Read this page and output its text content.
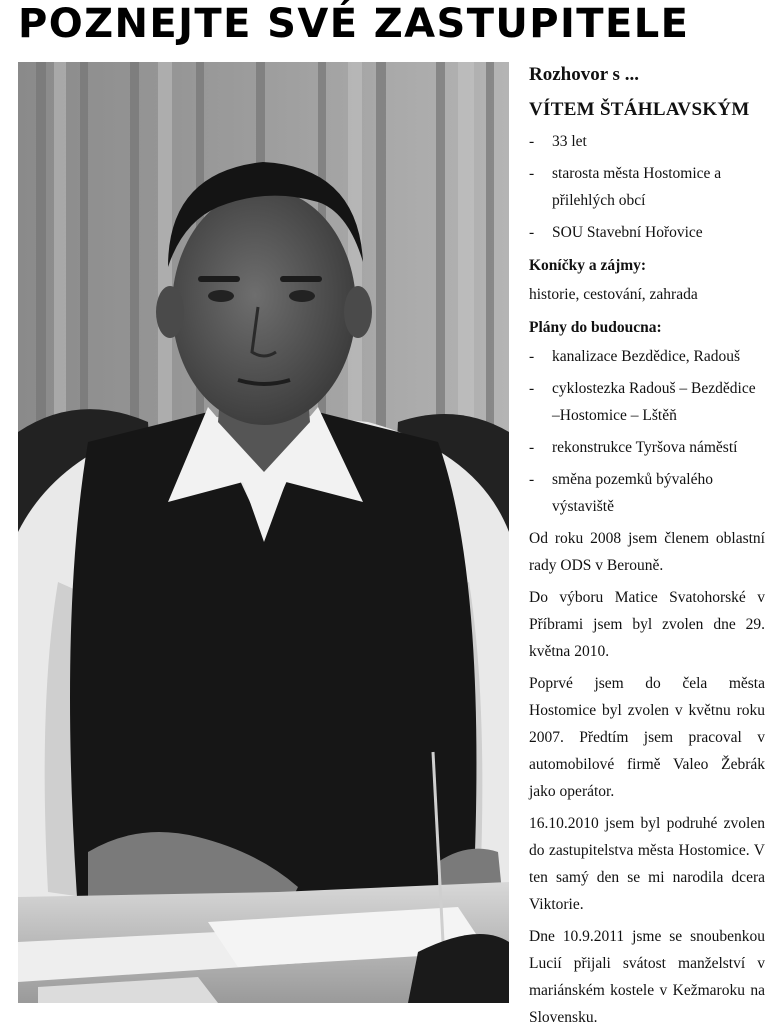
POZNEJTE SVÉ ZASTUPITELE

Rozhovor s ...

VÍTEM ŠTÁHLAVSKÝM

- 33 let
- starosta města Hostomice a přilehlých obcí
- SOU Stavební Hořovice

Koníčky a zájmy:

historie, cestování, zahrada

Plány do budoucna:

- kanalizace Bezdědice, Radouš
- cyklostezka Radouš – Bezdědice –Hostomice – Lštěň
- rekonstrukce Tyršova náměstí
- směna pozemků bývalého výstaviště

Od roku 2008 jsem členem oblastní rady ODS v Berouně.

Do výboru Matice Svatohorské v Příbrami jsem byl zvolen dne 29. května 2010.

Poprvé jsem do čela města Hostomice byl zvolen v květnu roku 2007. Předtím jsem pracoval v automobilové firmě Valeo Žebrák jako operátor.

16.10.2010 jsem byl podruhé zvolen do zastupitelstva města Hostomice. V ten samý den se mi narodila dcera Viktorie.

Dne 10.9.2011 jsme se snoubenkou Lucií přijali svátost manželství v mariánském kostele v Kežmaroku na Slovensku.
